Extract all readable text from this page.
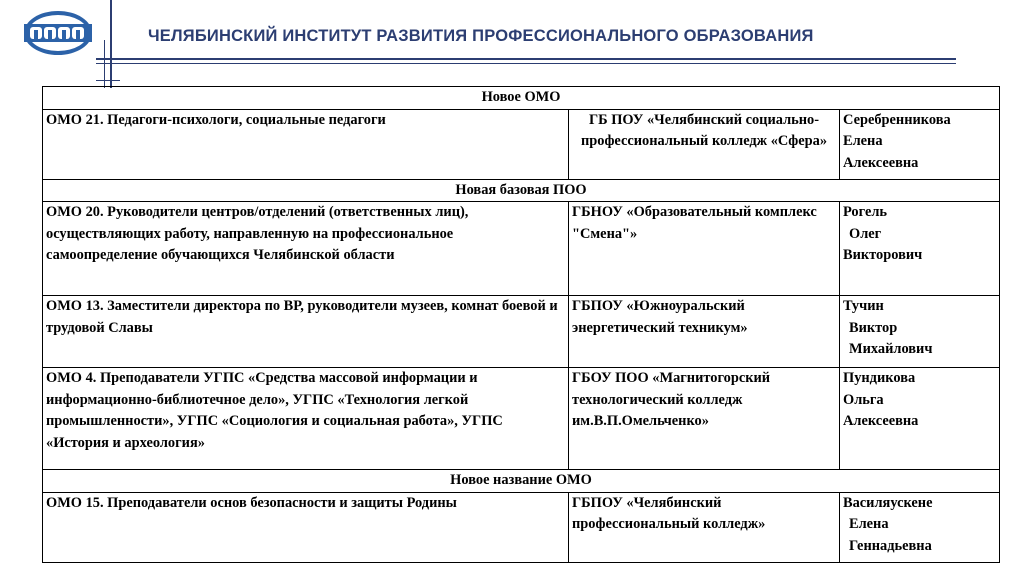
ЧЕЛЯБИНСКИЙ ИНСТИТУТ РАЗВИТИЯ ПРОФЕССИОНАЛЬНОГО ОБРАЗОВАНИЯ
Новое ОМО		
ОМО 21. Педагоги-психологи, социальные педагоги	ГБ ПОУ «Челябинский социально-профессиональный колледж «Сфера»	Серебренникова
Елена
Алексеевна

Новая базовая ПОО		
ОМО 20. Руководители центров/отделений (ответственных лиц), осуществляющих работу, направленную на профессиональное самоопределение обучающихся Челябинской области	ГБНОУ «Образовательный комплекс "Смена"»	Рогель
Олег
Викторович

ОМО 13. Заместители директора по ВР, руководители музеев, комнат боевой и трудовой Славы	ГБПОУ «Южноуральский энергетический техникум»	Тучин
Виктор
Михайлович

ОМО 4. Преподаватели УГПС «Средства массовой информации и информационно-библиотечное дело», УГПС «Технология легкой промышленности», УГПС «Социология и социальная работа», УГПС «История и археология»	ГБОУ ПОО «Магнитогорский технологический колледж им.В.П.Омельченко»	Пундикова
Ольга
Алексеевна

Новое название ОМО		
ОМО 15. Преподаватели основ безопасности и защиты Родины	ГБПОУ «Челябинский профессиональный колледж»	Василяускене
Елена
Геннадьевна
